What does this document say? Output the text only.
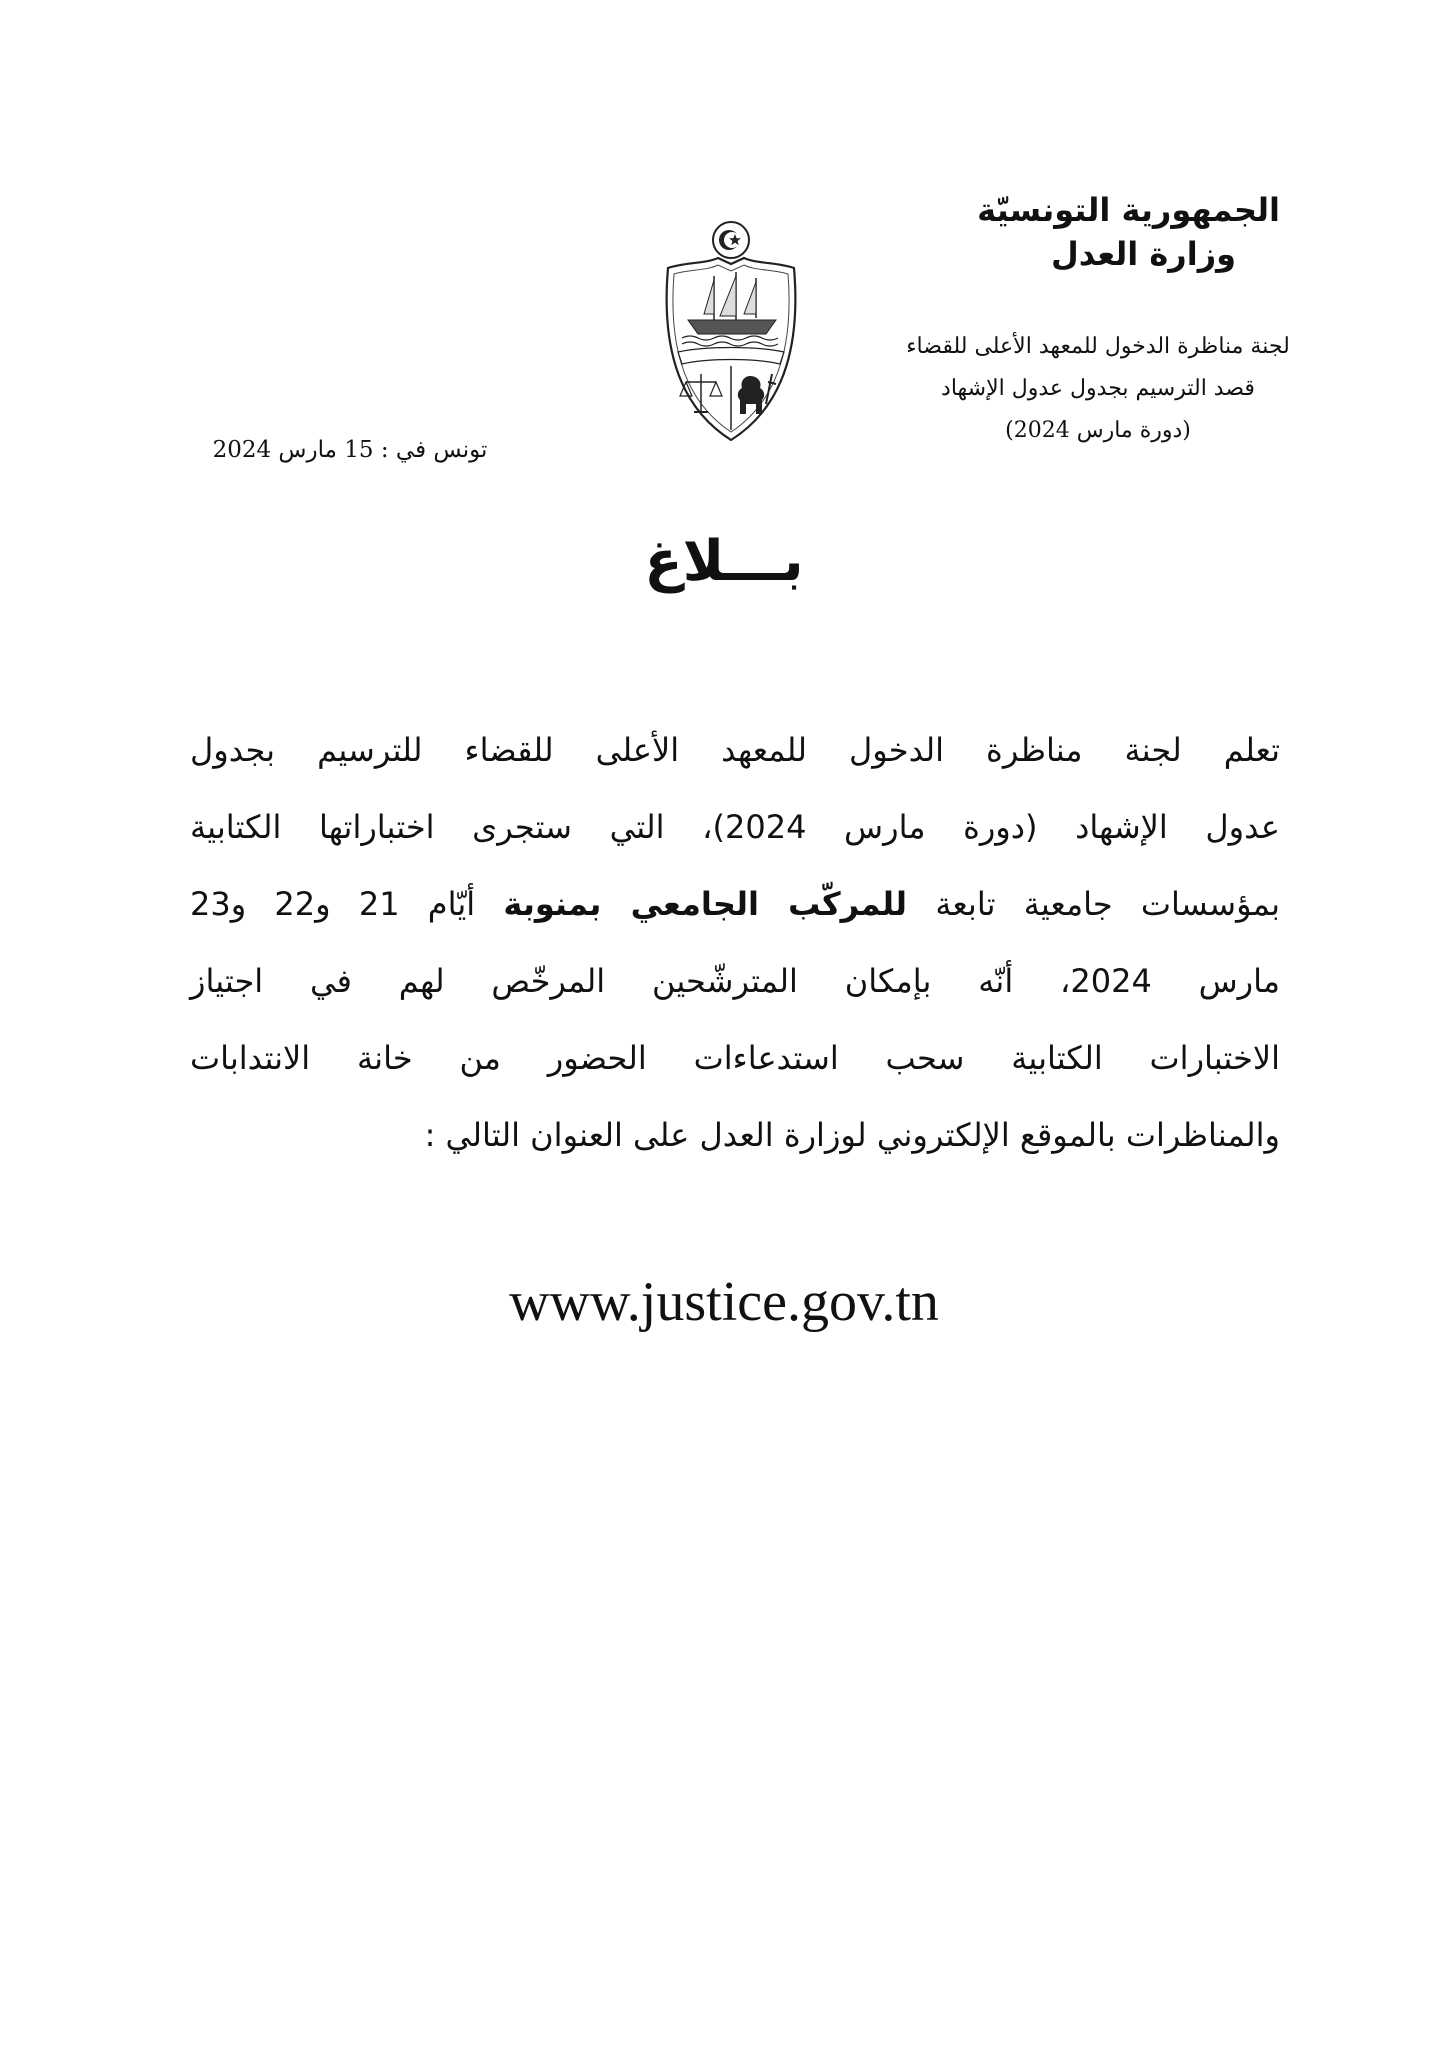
الجمهورية التونسيّة
وزارة العدل
لجنة مناظرة الدخول للمعهد الأعلى للقضاء
قصد الترسيم بجدول عدول الإشهاد
(دورة مارس 2024)
تونس في : 15 مارس 2024
بـــلاغ
تعلم لجنة مناظرة الدخول للمعهد الأعلى للقضاء للترسيم بجدول
عدول الإشهاد (دورة مارس 2024)، التي ستجرى اختباراتها الكتابية
بمؤسسات جامعية تابعة للمركّب الجامعي بمنوبة أيّام 21 و22 و23
مارس 2024، أنّه بإمكان المترشّحين المرخّص لهم في اجتياز
الاختبارات الكتابية سحب استدعاءات الحضور من خانة الانتدابات
والمناظرات بالموقع الإلكتروني لوزارة العدل على العنوان التالي :
www.justice.gov.tn
